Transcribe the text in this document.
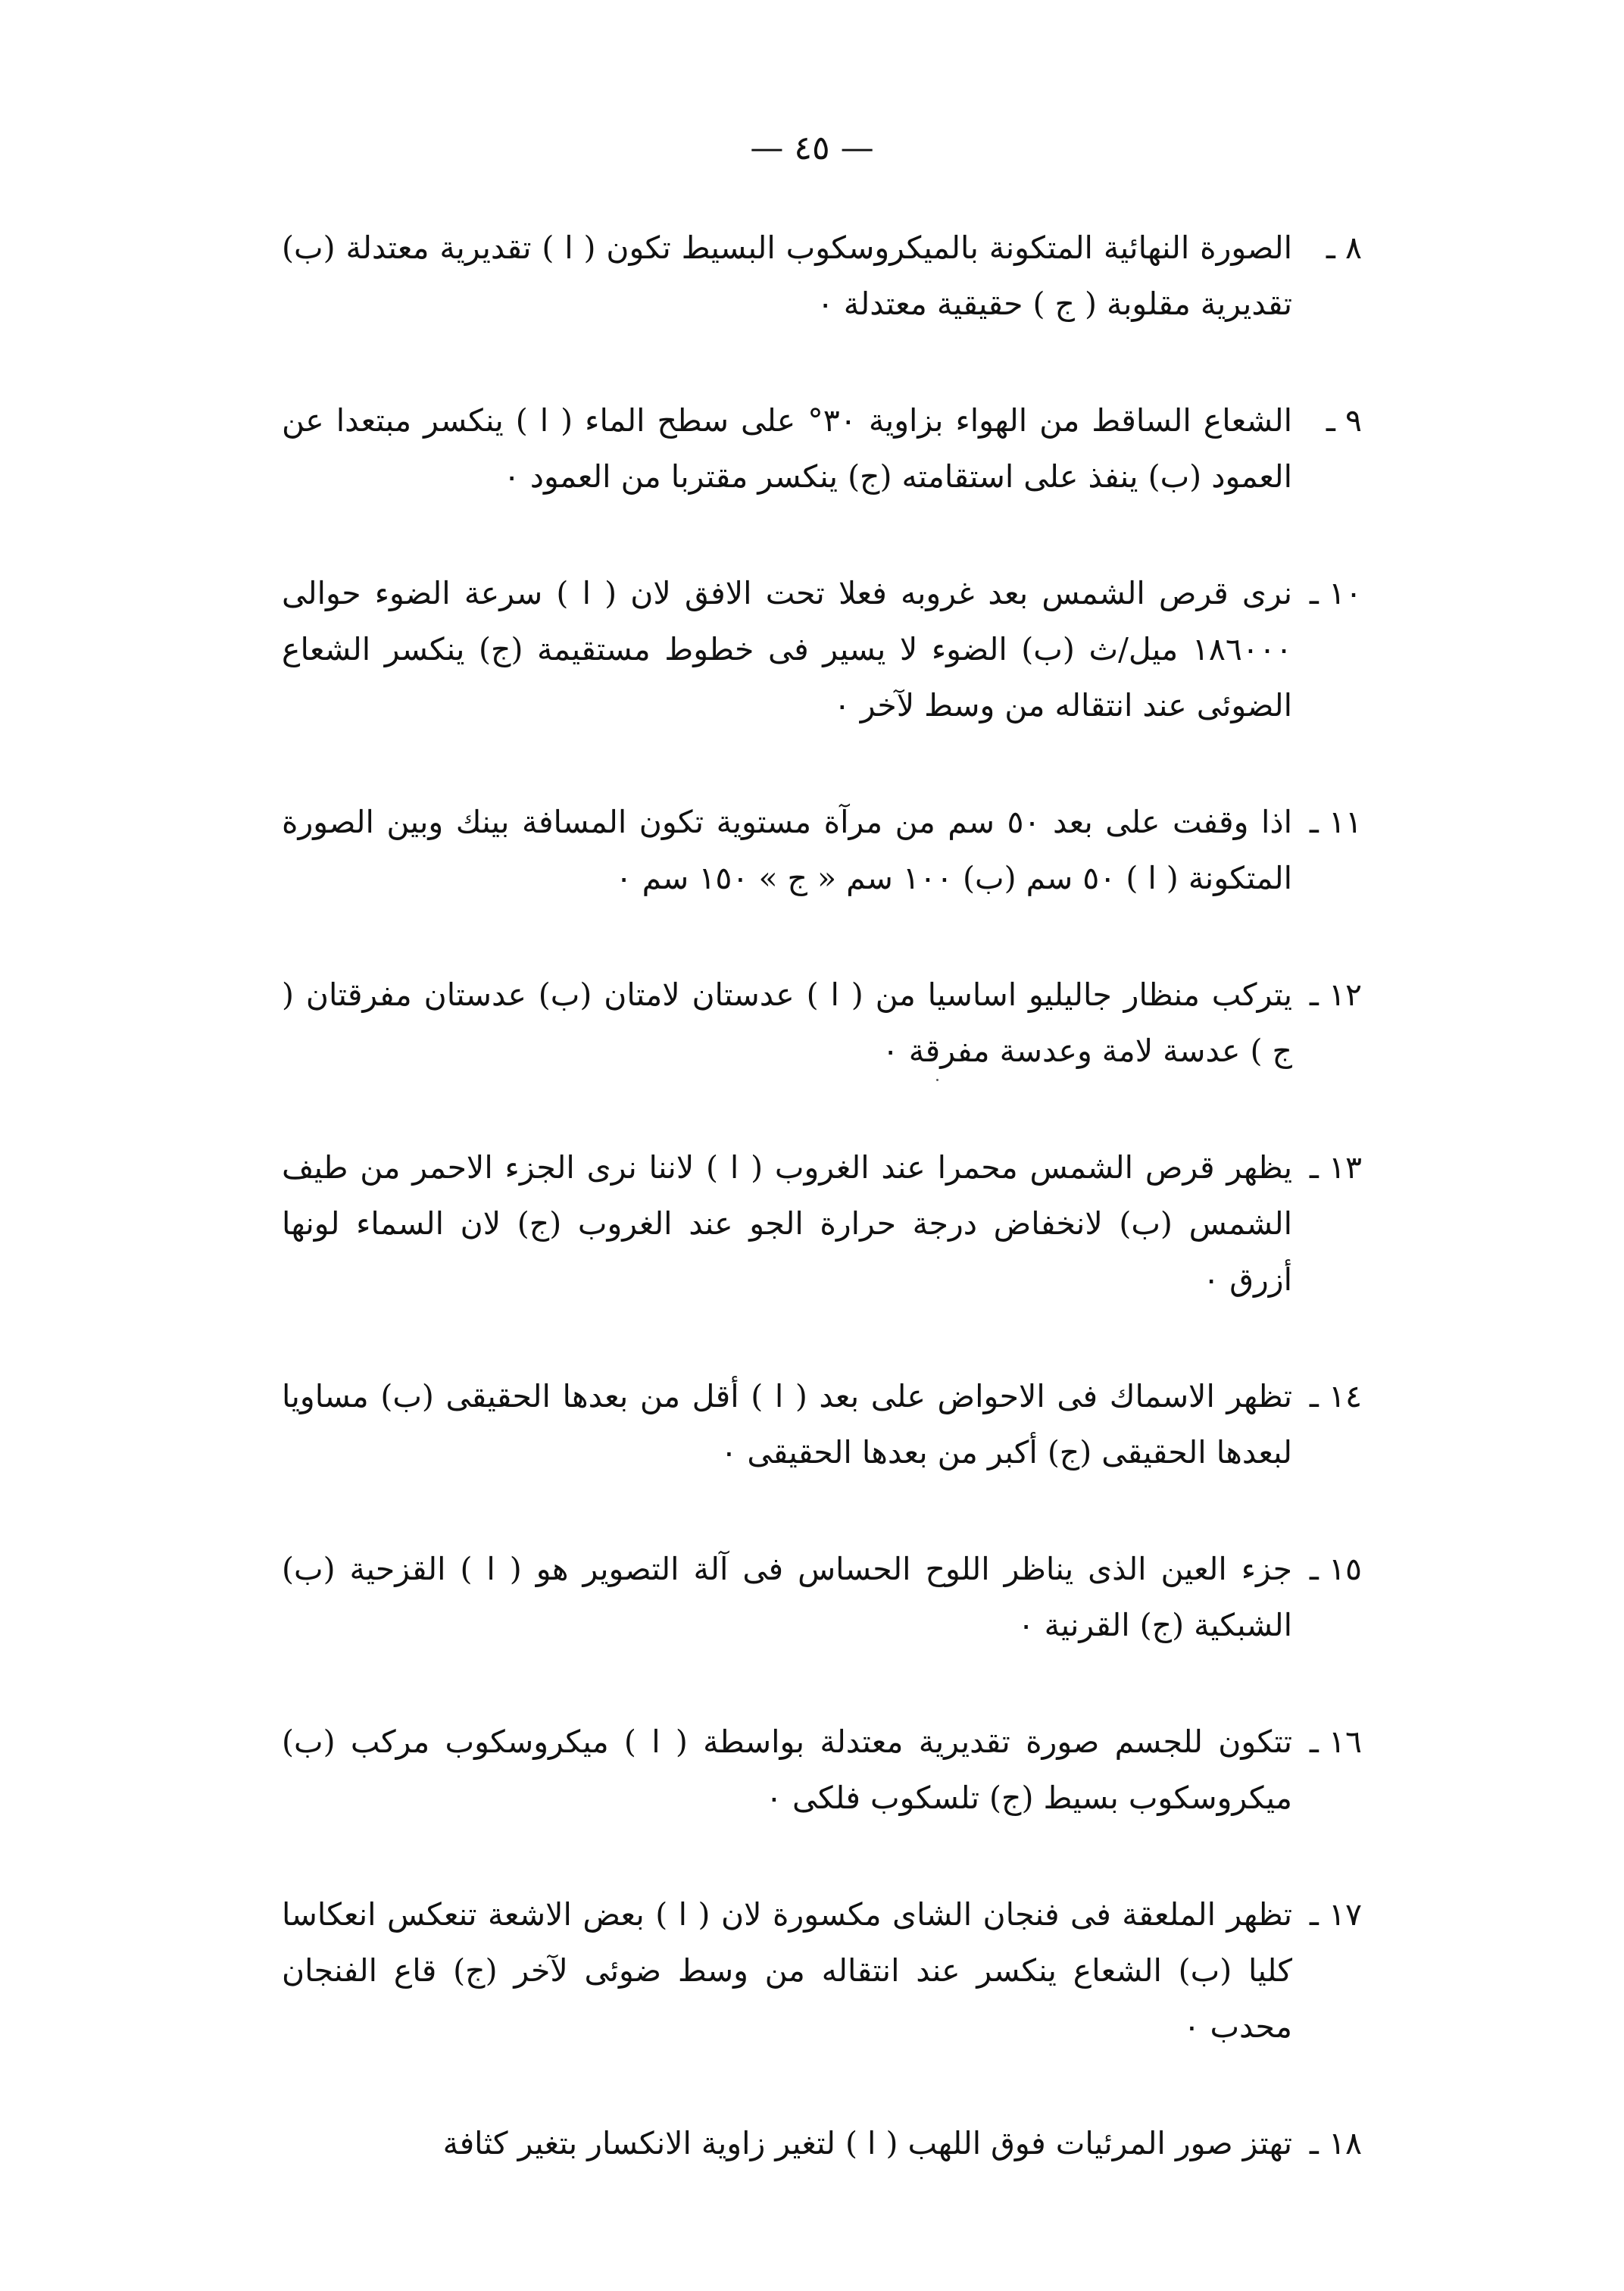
— ٤٥ —
٨ ـ
الصورة النهائية المتكونة بالميكروسكوب البسيط تكون ( ا ) تقديرية معتدلة (ب) تقديرية مقلوبة ( ج ) حقيقية معتدلة ٠
٩ ـ
الشعاع الساقط من الهواء بزاوية ٣٠° على سطح الماء ( ا ) ينكسر مبتعدا عن العمود (ب) ينفذ على استقامته (ج) ينكسر مقتربا من العمود ٠
١٠ ـ
نرى قرص الشمس بعد غروبه فعلا تحت الافق لان ( ا ) سرعة الضوء حوالى ١٨٦٠٠٠ ميل/ث (ب) الضوء لا يسير فى خطوط مستقيمة (ج) ينكسر الشعاع الضوئى عند انتقاله من وسط لآخر ٠
١١ ـ
اذا وقفت على بعد ٥٠ سم من مرآة مستوية تكون المسافة بينك وبين الصورة المتكونة ( ا ) ٥٠ سم (ب) ١٠٠ سم « ج » ١٥٠ سم ٠
١٢ ـ
يتركب منظار جاليليو اساسيا من ( ا ) عدستان لامتان (ب) عدستان مفرقتان ( ج ) عدسة لامة وعدسة مفرقة ٠
١٣ ـ
يظهر قرص الشمس محمرا عند الغروب ( ا ) لاننا نرى الجزء الاحمر من طيف الشمس (ب) لانخفاض درجة حرارة الجو عند الغروب (ج) لان السماء لونها أزرق ٠
١٤ ـ
تظهر الاسماك فى الاحواض على بعد ( ا ) أقل من بعدها الحقيقى (ب) مساويا لبعدها الحقيقى (ج) أكبر من بعدها الحقيقى ٠
١٥ ـ
جزء العين الذى يناظر اللوح الحساس فى آلة التصوير هو ( ا ) القزحية (ب) الشبكية (ج) القرنية ٠
١٦ ـ
تتكون للجسم صورة تقديرية معتدلة بواسطة ( ا ) ميكروسكوب مركب (ب) ميكروسكوب بسيط (ج) تلسكوب فلكى ٠
١٧ ـ
تظهر الملعقة فى فنجان الشاى مكسورة لان ( ا ) بعض الاشعة تنعكس انعكاسا كليا (ب) الشعاع ينكسر عند انتقاله من وسط ضوئى لآخر (ج) قاع الفنجان محدب ٠
١٨ ـ
تهتز صور المرئيات فوق اللهب ( ا ) لتغير زاوية الانكسار بتغير كثافة
